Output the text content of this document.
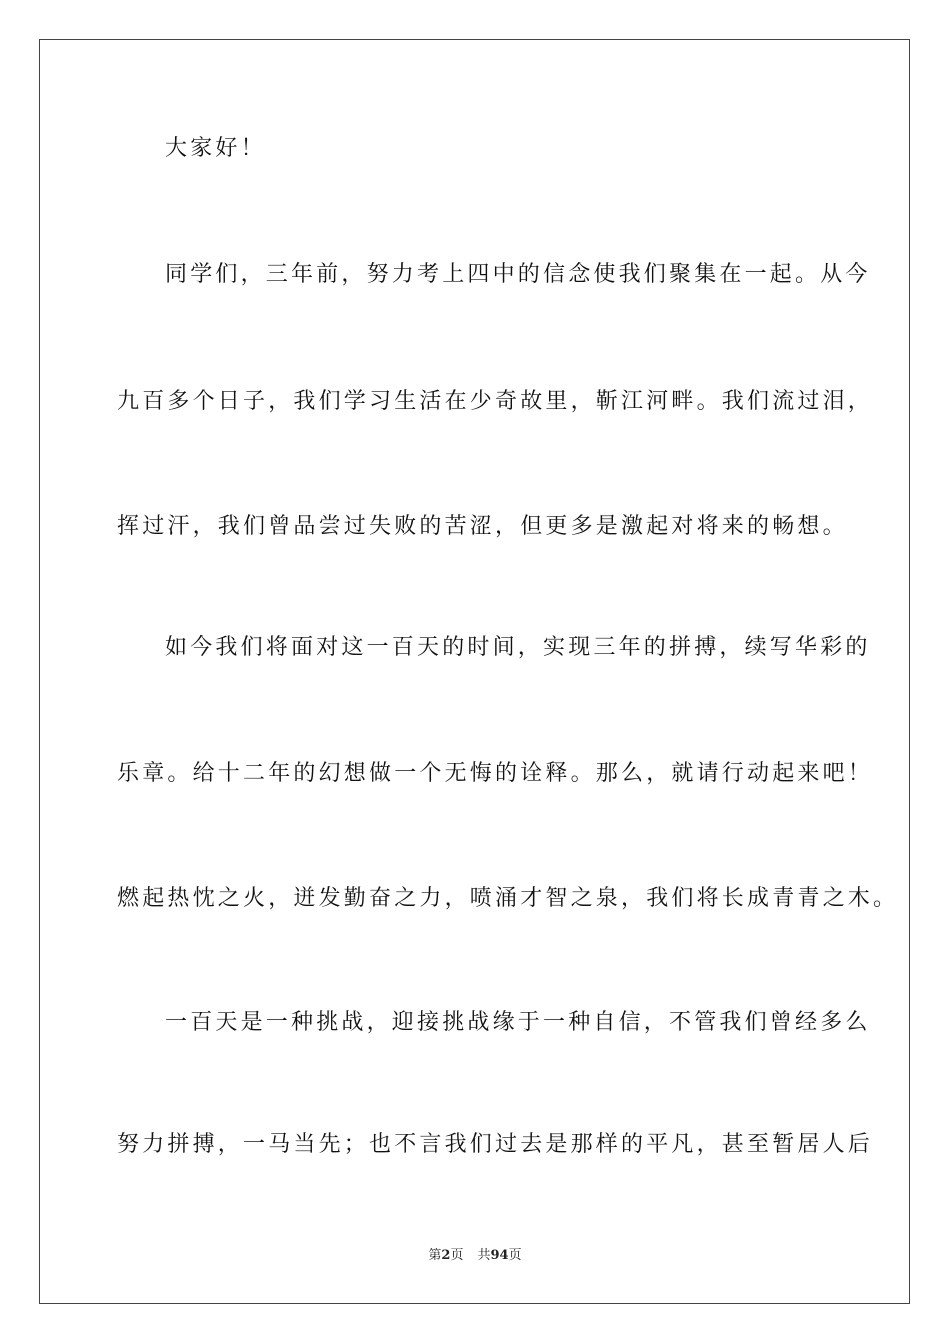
大家好！
同学们，三年前，努力考上四中的信念使我们聚集在一起。从今
九百多个日子，我们学习生活在少奇故里，靳江河畔。我们流过泪，
挥过汗，我们曾品尝过失败的苦涩，但更多是激起对将来的畅想。
如今我们将面对这一百天的时间，实现三年的拼搏，续写华彩的
乐章。给十二年的幻想做一个无悔的诠释。那么，就请行动起来吧！
燃起热忱之火，迸发勤奋之力，喷涌才智之泉，我们将长成青青之木。
一百天是一种挑战，迎接挑战缘于一种自信，不管我们曾经多么
努力拼搏，一马当先；也不言我们过去是那样的平凡，甚至暂居人后
第2页 共94页
